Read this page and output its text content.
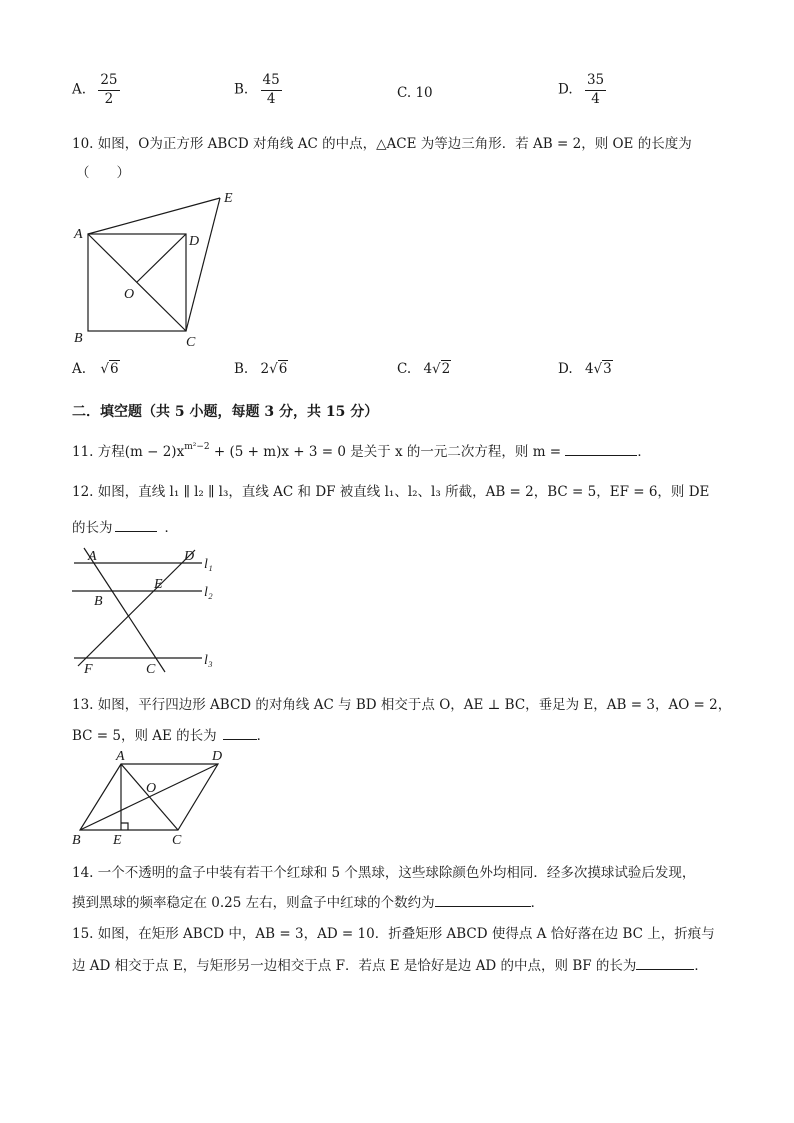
A. $\frac{25}{2}$	B. $\frac{45}{4}$	C. 10	D. $\frac{35}{4}$
10. 如图，O为正方形 ABCD 对角线 AC 的中点，△ACE 为等边三角形．若 AB = 2，则 OE 的长度为
（　　）
A
B	C
D
E
O
A. √6	B. 2√6	C. 4√2	D. 4√3
二．填空题（共 5 小题，每题 3 分，共 15 分）
11. 方程$(m - 2)x^{m^2-2} + (5 + m)x + 3 = 0$ 是关于 x 的一元二次方程，则 m =	．
12. 如图，直线 l₁ ∥ l₂ ∥ l₃，直线 AC 和 DF 被直线 l₁、l₂、l₃ 所截，AB = 2，BC = 5，EF = 6，则 DE
的长为	．
A	D
E
B
F	C
l₁
l₂
l₃
13. 如图，平行四边形 ABCD 的对角线 AC 与 BD 相交于点 O，AE ⊥ BC，垂足为 E，AB = 3，AO = 2，
BC = 5，则 AE 的长为	．
A	D
O
B E	C
14. 一个不透明的盒子中装有若干个红球和 5 个黑球，这些球除颜色外均相同．经多次摸球试验后发现，
摸到黑球的频率稳定在 0.25 左右，则盒子中红球的个数约为	．
15. 如图，在矩形 ABCD 中，AB = 3，AD = 10．折叠矩形 ABCD 使得点 A 恰好落在边 BC 上，折痕与
边 AD 相交于点 E，与矩形另一边相交于点 F．若点 E 是恰好是边 AD 的中点，则 BF 的长为	．
